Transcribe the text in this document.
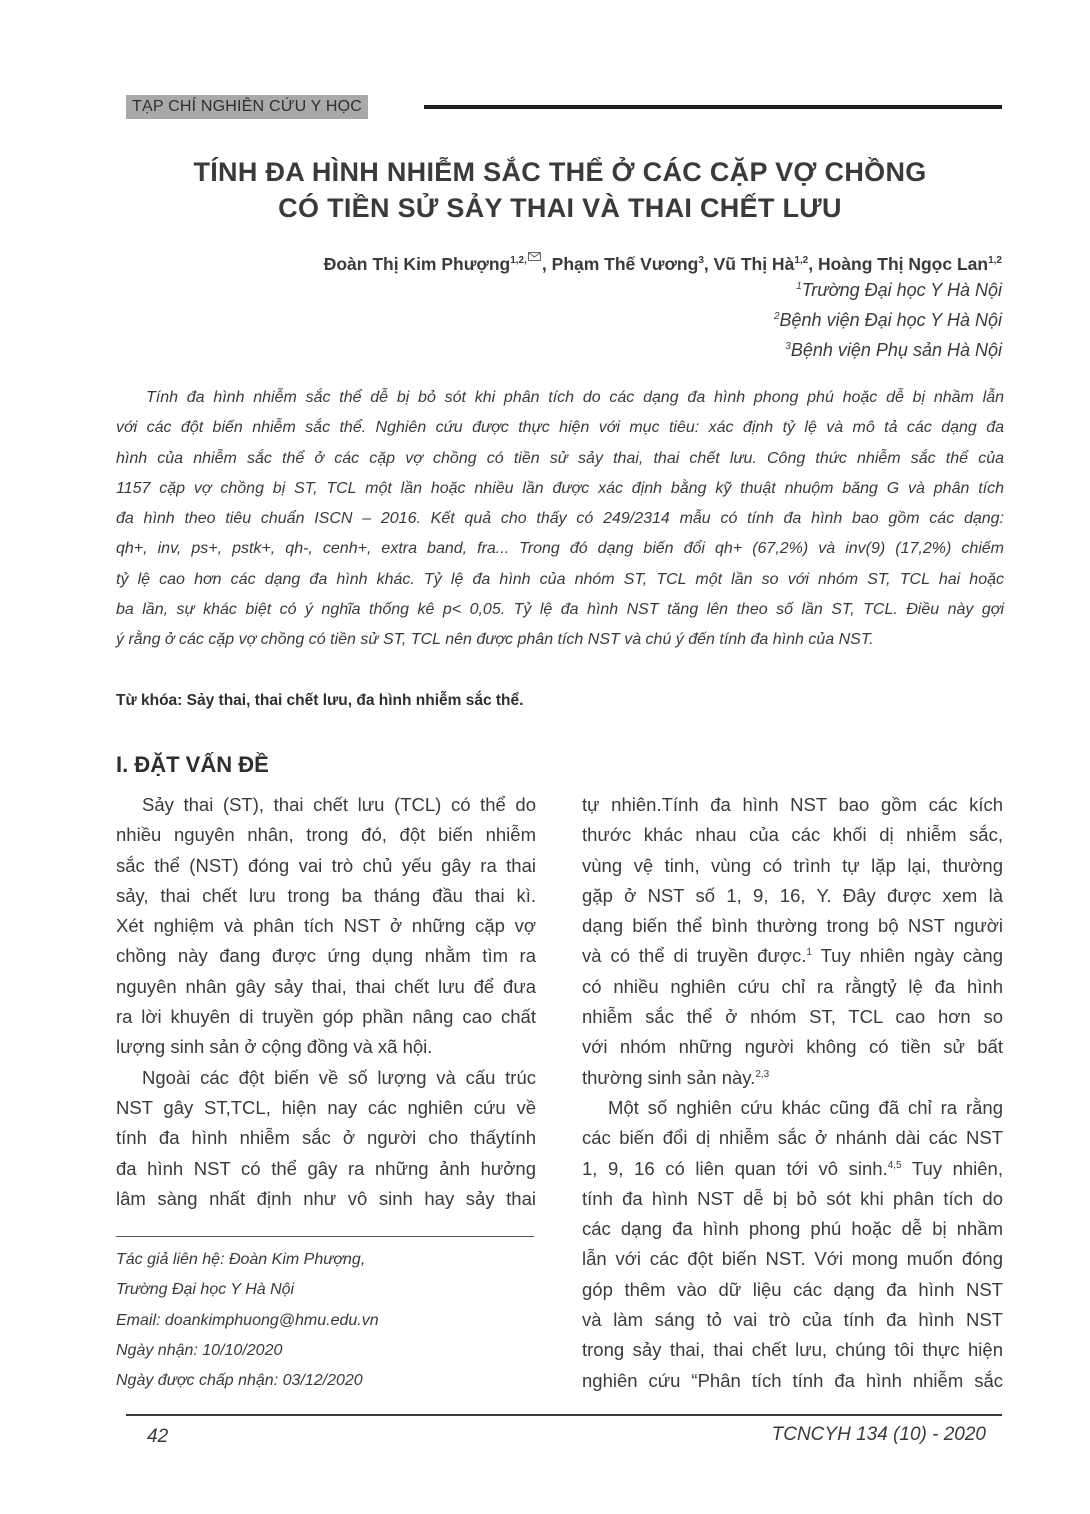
TẠP CHÍ NGHIÊN CỨU Y HỌC
TÍNH ĐA HÌNH NHIỄM SẮC THỂ Ở CÁC CẶP VỢ CHỒNG
CÓ TIỀN SỬ SẢY THAI VÀ THAI CHẾT LƯU
Đoàn Thị Kim Phượng$^{1,2,}$ , Phạm Thế Vương$^3$, Vũ Thị Hà$^{1,2}$, Hoàng Thị Ngọc Lan$^{1,2}$
$^1$Trường Đại học Y Hà Nội
$^2$Bệnh viện Đại học Y Hà Nội
$^3$Bệnh viện Phụ sản Hà Nội
Tính đa hình nhiễm sắc thể dễ bị bỏ sót khi phân tích do các dạng đa hình phong phú hoặc dễ bị nhầm lẫn
với các đột biến nhiễm sắc thể. Nghiên cứu được thực hiện với mục tiêu: xác định tỷ lệ và mô tả các dạng đa
hình của nhiễm sắc thể ở các cặp vợ chồng có tiền sử sảy thai, thai chết lưu. Công thức nhiễm sắc thể của
1157 cặp vợ chồng bị ST, TCL một lần hoặc nhiều lần được xác định bằng kỹ thuật nhuộm băng G và phân tích
đa hình theo tiêu chuẩn ISCN – 2016. Kết quả cho thấy có 249/2314 mẫu có tính đa hình bao gồm các dạng:
qh+, inv, ps+, pstk+, qh-, cenh+, extra band, fra... Trong đó dạng biến đổi qh+ (67,2%) và inv(9) (17,2%) chiếm
tỷ lệ cao hơn các dạng đa hình khác. Tỷ lệ đa hình của nhóm ST, TCL một lần so với nhóm ST, TCL hai hoặc
ba lần, sự khác biệt có ý nghĩa thống kê p< 0,05. Tỷ lệ đa hình NST tăng lên theo số lần ST, TCL. Điều này gợi
ý rằng ở các cặp vợ chồng có tiền sử ST, TCL nên được phân tích NST và chú ý đến tính đa hình của NST.
Từ khóa: Sảy thai, thai chết lưu, đa hình nhiễm sắc thể.
I. ĐẶT VẤN ĐỀ
Sảy thai (ST), thai chết lưu (TCL) có thể do
nhiều nguyên nhân, trong đó, đột biến nhiễm
sắc thể (NST) đóng vai trò chủ yếu gây ra thai
sảy, thai chết lưu trong ba tháng đầu thai kì.
Xét nghiệm và phân tích NST ở những cặp vợ
chồng này đang được ứng dụng nhằm tìm ra
nguyên nhân gây sảy thai, thai chết lưu để đưa
ra lời khuyên di truyền góp phần nâng cao chất
lượng sinh sản ở cộng đồng và xã hội.
Ngoài các đột biến về số lượng và cấu trúc
NST gây ST,TCL, hiện nay các nghiên cứu về
tính đa hình nhiễm sắc ở người cho thấytính
đa hình NST có thể gây ra những ảnh hưởng
lâm sàng nhất định như vô sinh hay sảy thai
tự nhiên.Tính đa hình NST bao gồm các kích
thước khác nhau của các khối dị nhiễm sắc,
vùng vệ tinh, vùng có trình tự lặp lại, thường
gặp ở NST số 1, 9, 16, Y. Đây được xem là
dạng biến thể bình thường trong bộ NST người
và có thể di truyền được.$^1$ Tuy nhiên ngày càng
có nhiều nghiên cứu chỉ ra rằngtỷ lệ đa hình
nhiễm sắc thể ở nhóm ST, TCL cao hơn so
với nhóm những người không có tiền sử bất
thường sinh sản này.$^{2,3}$
Một số nghiên cứu khác cũng đã chỉ ra rằng
các biến đổi dị nhiễm sắc ở nhánh dài các NST
1, 9, 16 có liên quan tới vô sinh.$^{4,5}$ Tuy nhiên,
tính đa hình NST dễ bị bỏ sót khi phân tích do
các dạng đa hình phong phú hoặc dễ bị nhầm
lẫn với các đột biến NST. Với mong muốn đóng
góp thêm vào dữ liệu các dạng đa hình NST
và làm sáng tỏ vai trò của tính đa hình NST
trong sảy thai, thai chết lưu, chúng tôi thực hiện
nghiên cứu “Phân tích tính đa hình nhiễm sắc
Tác giả liên hệ: Đoàn Kim Phượng,
Trường Đại học Y Hà Nội
Email: doankimphuong@hmu.edu.vn
Ngày nhận: 10/10/2020
Ngày được chấp nhận: 03/12/2020
42	TCNCYH 134 (10) - 2020
